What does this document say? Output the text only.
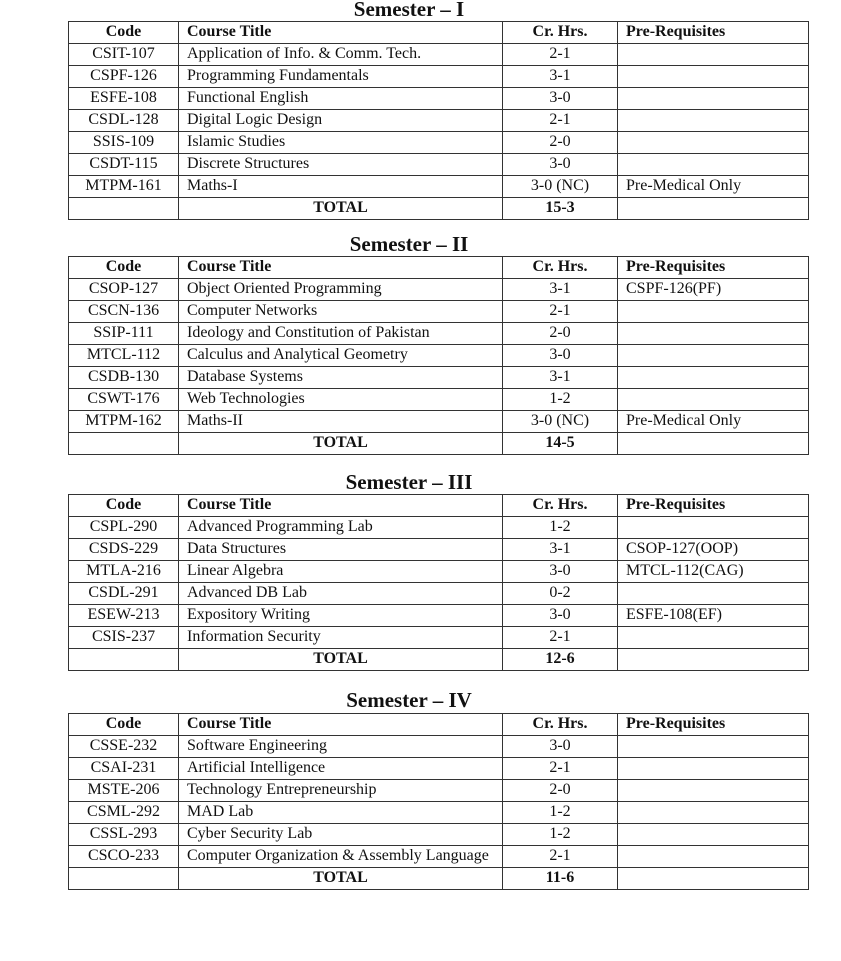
Semester – I
Code	Course Title	Cr. Hrs.	Pre-Requisites
CSIT-107	Application of Info. & Comm. Tech.	2-1	
CSPF-126	Programming Fundamentals	3-1	
ESFE-108	Functional English	3-0	
CSDL-128	Digital Logic Design	2-1	
SSIS-109	Islamic Studies	2-0	
CSDT-115	Discrete Structures	3-0	
MTPM-161	Maths-I	3-0 (NC)	Pre-Medical Only
	TOTAL	15-3	
Semester – II
Code	Course Title	Cr. Hrs.	Pre-Requisites
CSOP-127	Object Oriented Programming	3-1	CSPF-126(PF)
CSCN-136	Computer Networks	2-1	
SSIP-111	Ideology and Constitution of Pakistan	2-0	
MTCL-112	Calculus and Analytical Geometry	3-0	
CSDB-130	Database Systems	3-1	
CSWT-176	Web Technologies	1-2	
MTPM-162	Maths-II	3-0 (NC)	Pre-Medical Only
	TOTAL	14-5	
Semester – III
Code	Course Title	Cr. Hrs.	Pre-Requisites
CSPL-290	Advanced Programming Lab	1-2	
CSDS-229	Data Structures	3-1	CSOP-127(OOP)
MTLA-216	Linear Algebra	3-0	MTCL-112(CAG)
CSDL-291	Advanced DB Lab	0-2	
ESEW-213	Expository Writing	3-0	ESFE-108(EF)
CSIS-237	Information Security	2-1	
	TOTAL	12-6	
Semester – IV
Code	Course Title	Cr. Hrs.	Pre-Requisites
CSSE-232	Software Engineering	3-0	
CSAI-231	Artificial Intelligence	2-1	
MSTE-206	Technology Entrepreneurship	2-0	
CSML-292	MAD Lab	1-2	
CSSL-293	Cyber Security Lab	1-2	
CSCO-233	Computer Organization & Assembly Language	2-1	
	TOTAL	11-6	
